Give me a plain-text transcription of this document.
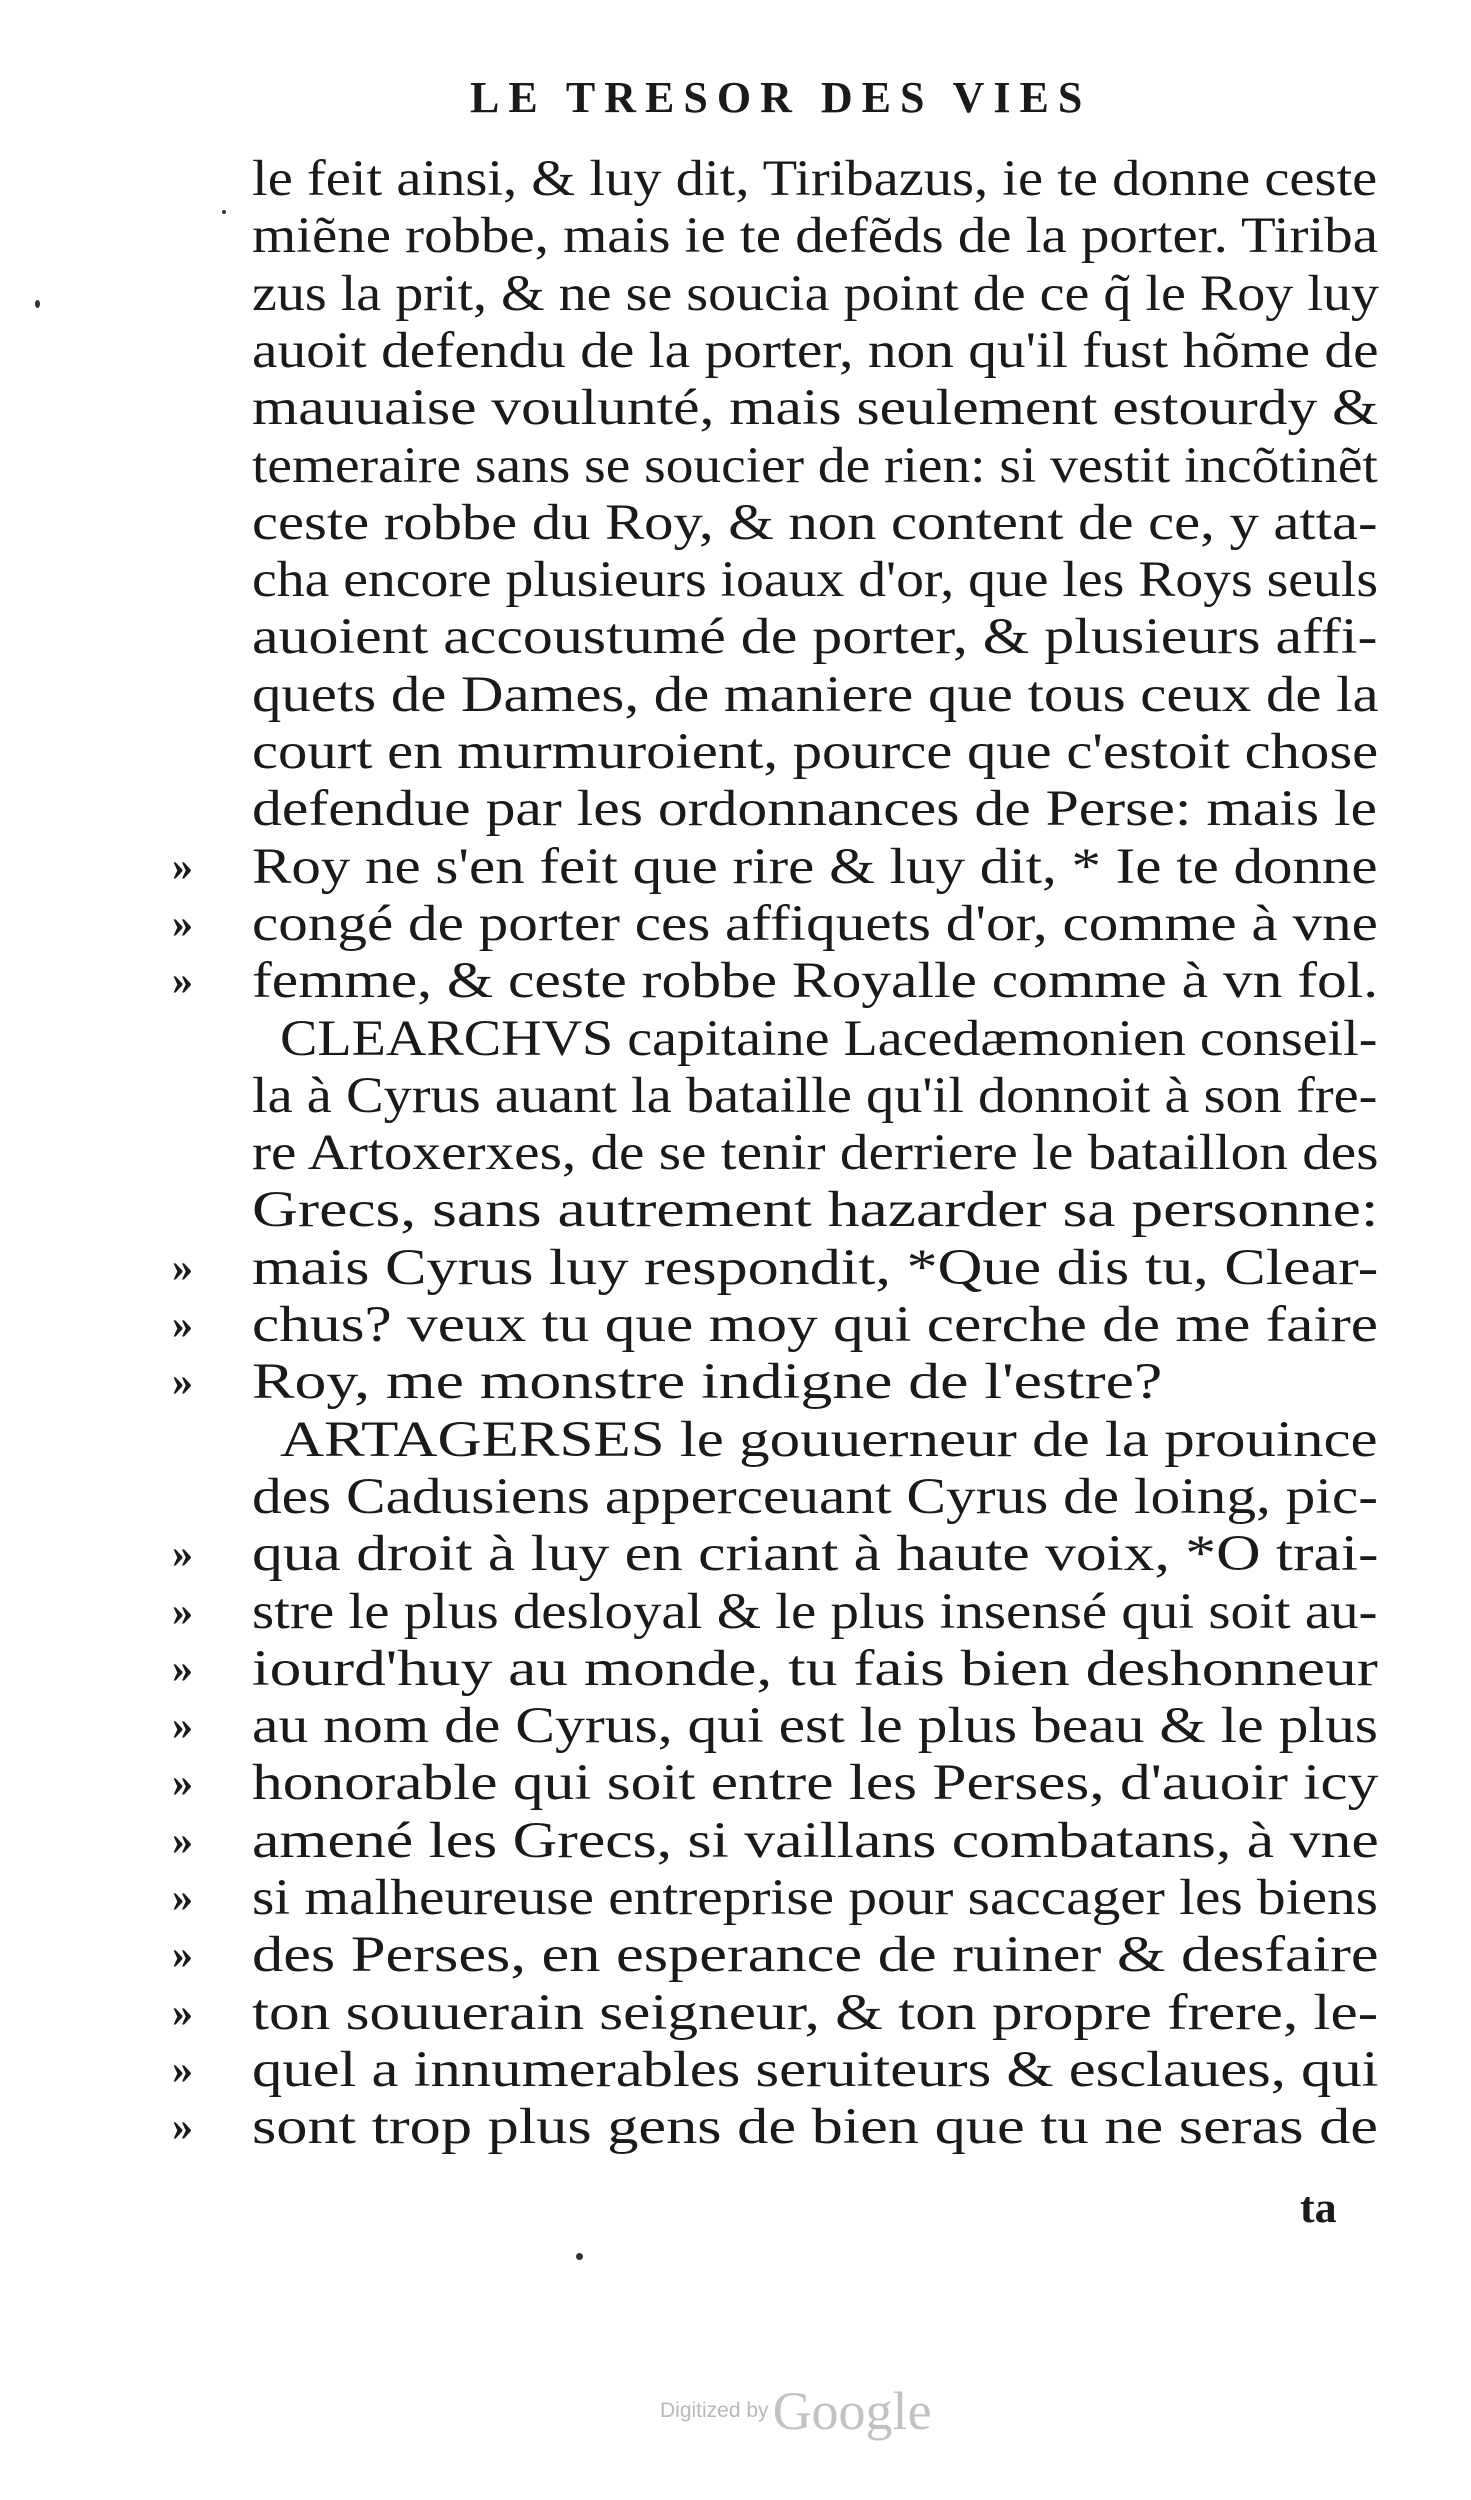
LE TRESOR DES VIES
le feit ainsi, & luy dit, Tiribazus, ie te donne ceste
miẽne robbe, mais ie te defẽds de la porter. Tiriba
zus la prit, & ne se soucia point de ce q̃ le Roy luy
auoit defendu de la porter, non qu'il fust hõme de
mauuaise voulunté, mais seulement estourdy &
temeraire sans se soucier de rien: si vestit incõtinẽt
ceste robbe du Roy, & non content de ce, y atta-
cha encore plusieurs ioaux d'or, que les Roys seuls
auoient accoustumé de porter, & plusieurs affi-
quets de Dames, de maniere que tous ceux de la
court en murmuroient, pource que c'estoit chose
defendue par les ordonnances de Perse: mais le
» Roy ne s'en feit que rire & luy dit, * Ie te donne
» congé de porter ces affiquets d'or, comme à vne
» femme, & ceste robbe Royalle comme à vn fol.
CLEARCHVS capitaine Lacedæmonien conseil-
la à Cyrus auant la bataille qu'il donnoit à son fre-
re Artoxerxes, de se tenir derriere le bataillon des
Grecs, sans autrement hazarder sa personne:
» mais Cyrus luy respondit, *Que dis tu, Clear-
» chus? veux tu que moy qui cerche de me faire
» Roy, me monstre indigne de l'estre?
ARTAGERSES le gouuerneur de la prouince
des Cadusiens apperceuant Cyrus de loing, pic-
» qua droit à luy en criant à haute voix, *O trai-
» stre le plus desloyal & le plus insensé qui soit au-
» iourd'huy au monde, tu fais bien deshonneur
» au nom de Cyrus, qui est le plus beau & le plus
» honorable qui soit entre les Perses, d'auoir icy
» amené les Grecs, si vaillans combatans, à vne
» si malheureuse entreprise pour saccager les biens
» des Perses, en esperance de ruiner & desfaire
» ton souuerain seigneur, & ton propre frere, le-
» quel a innumerables seruiteurs & esclaues, qui
» sont trop plus gens de bien que tu ne seras de
ta
Digitized by Google
